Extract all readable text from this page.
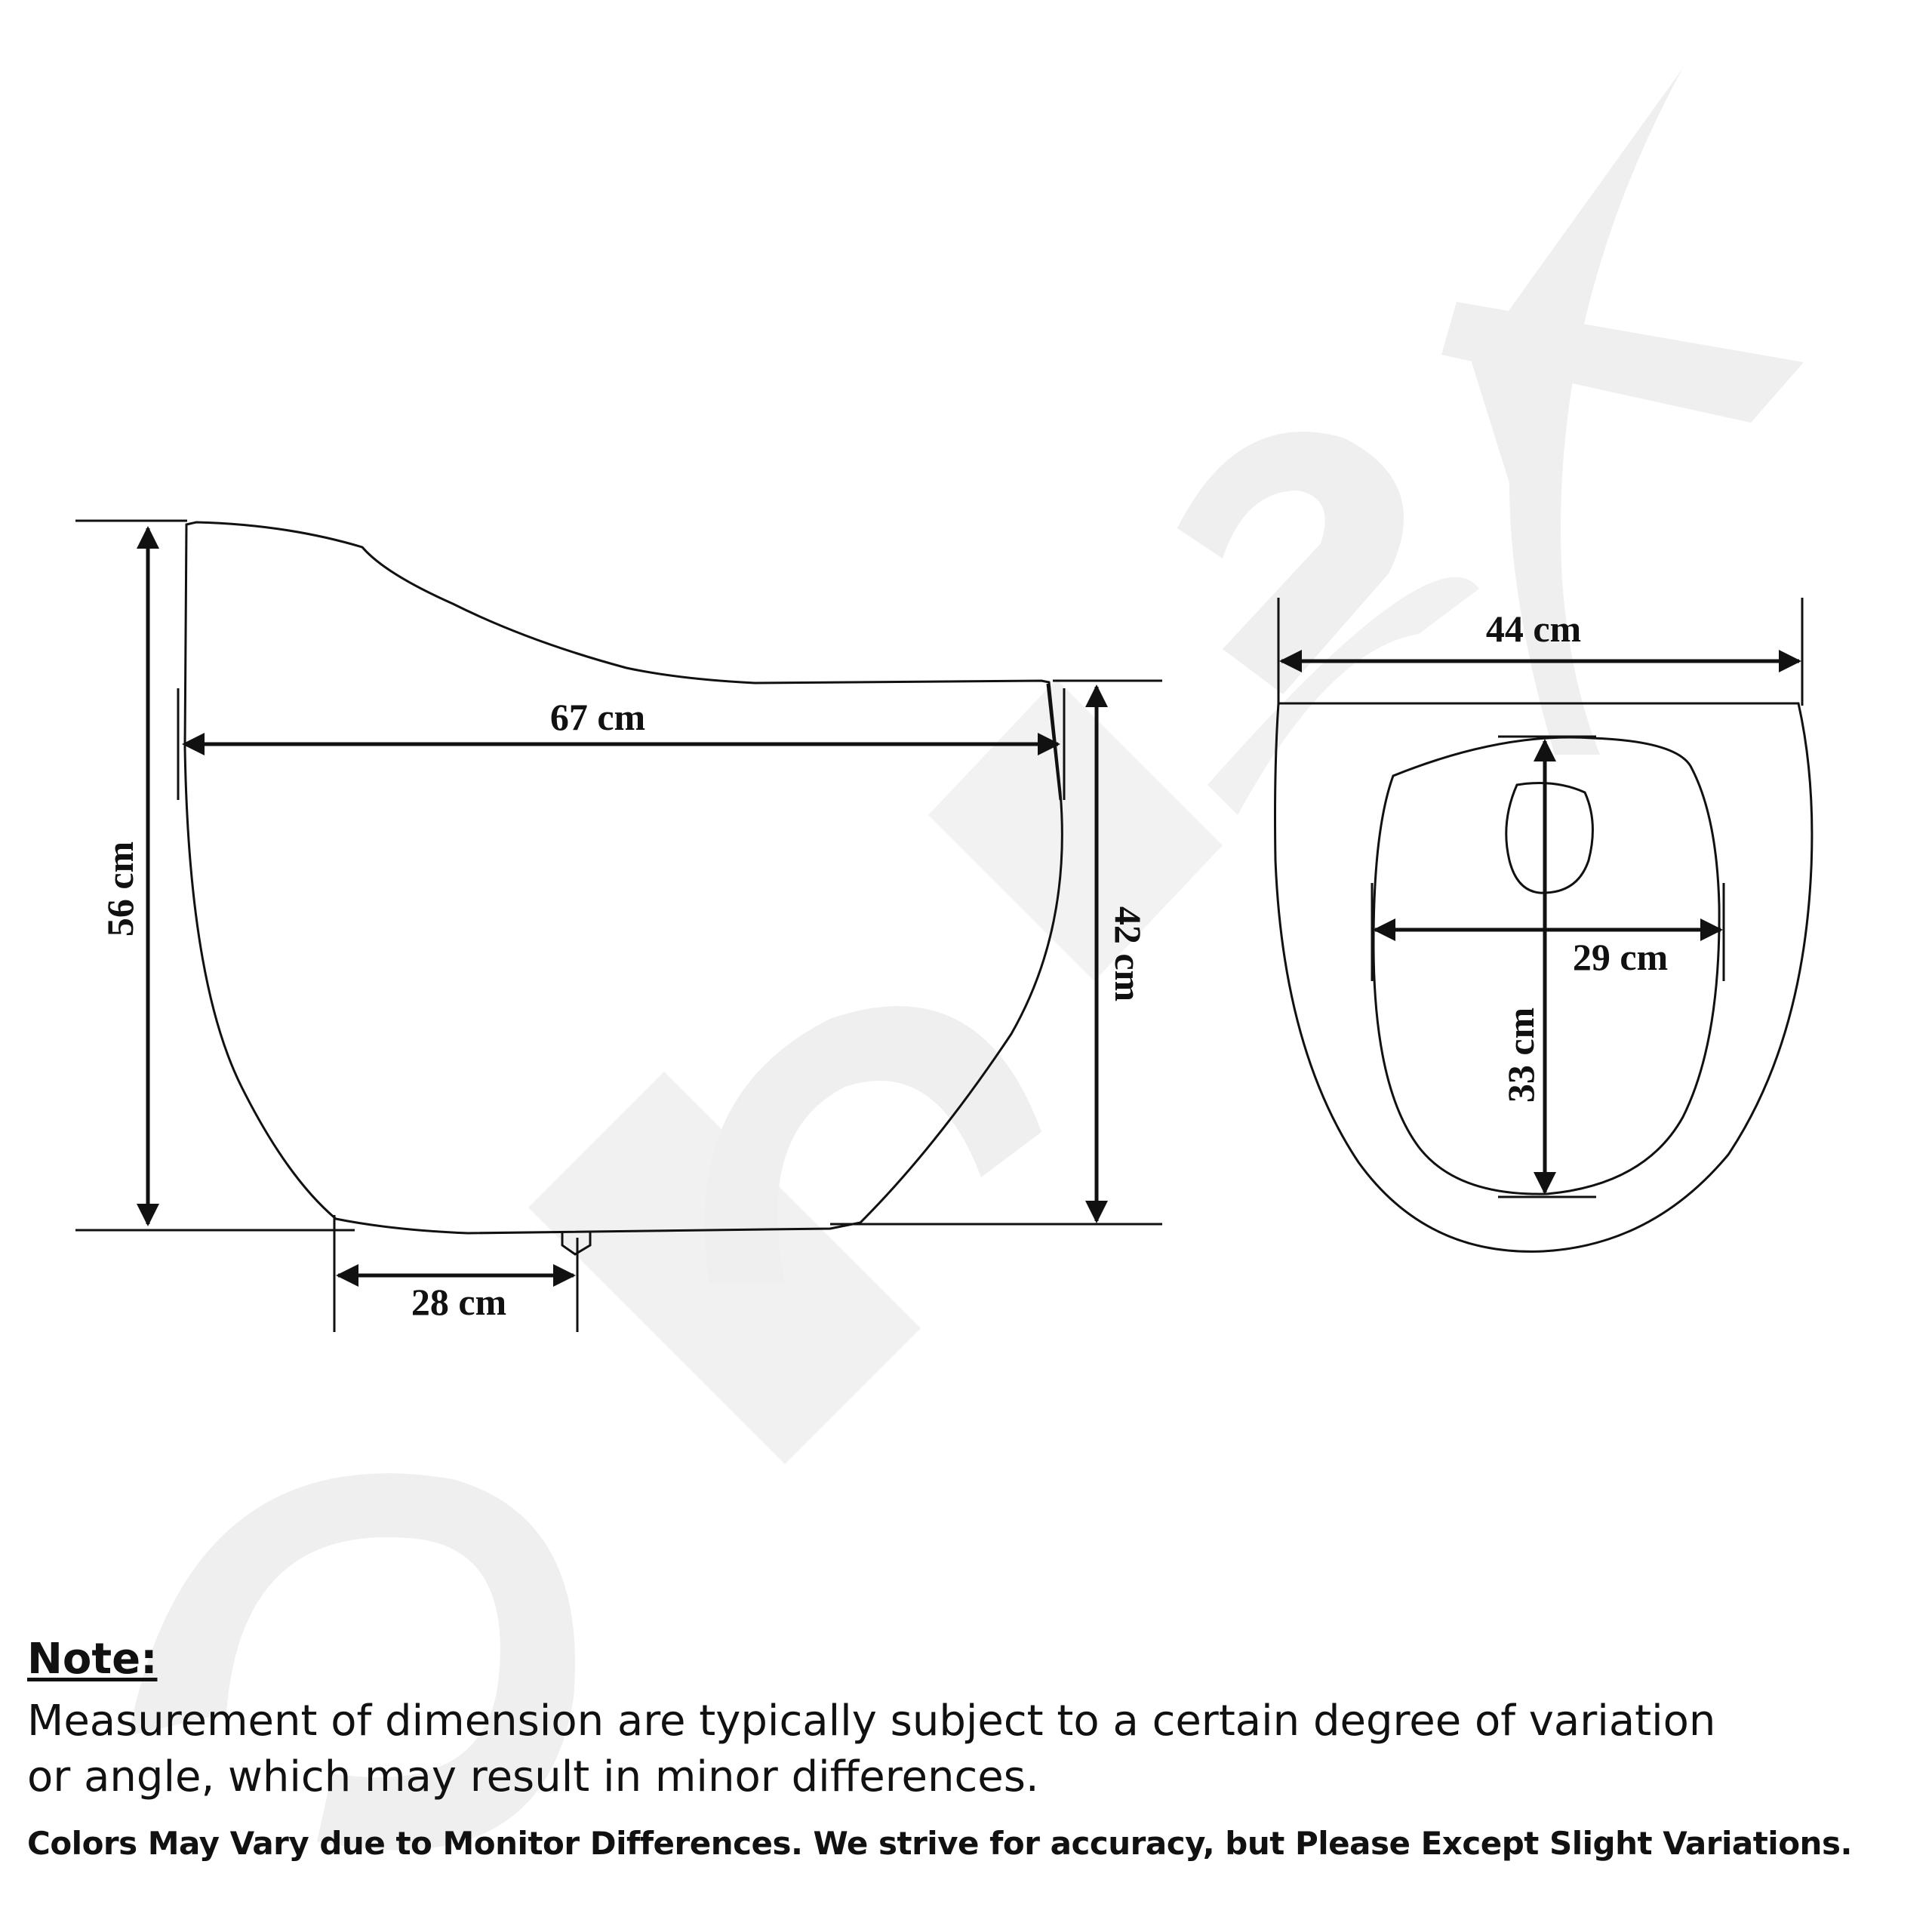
56 cm
67 cm
42 cm
28 cm
44 cm
29 cm
33 cm

Note:

Measurement of dimension are typically subject to a certain degree of variation or angle, which may result in minor differences.

Colors May Vary due to Monitor Differences. We strive for accuracy, but Please Except Slight Variations.
